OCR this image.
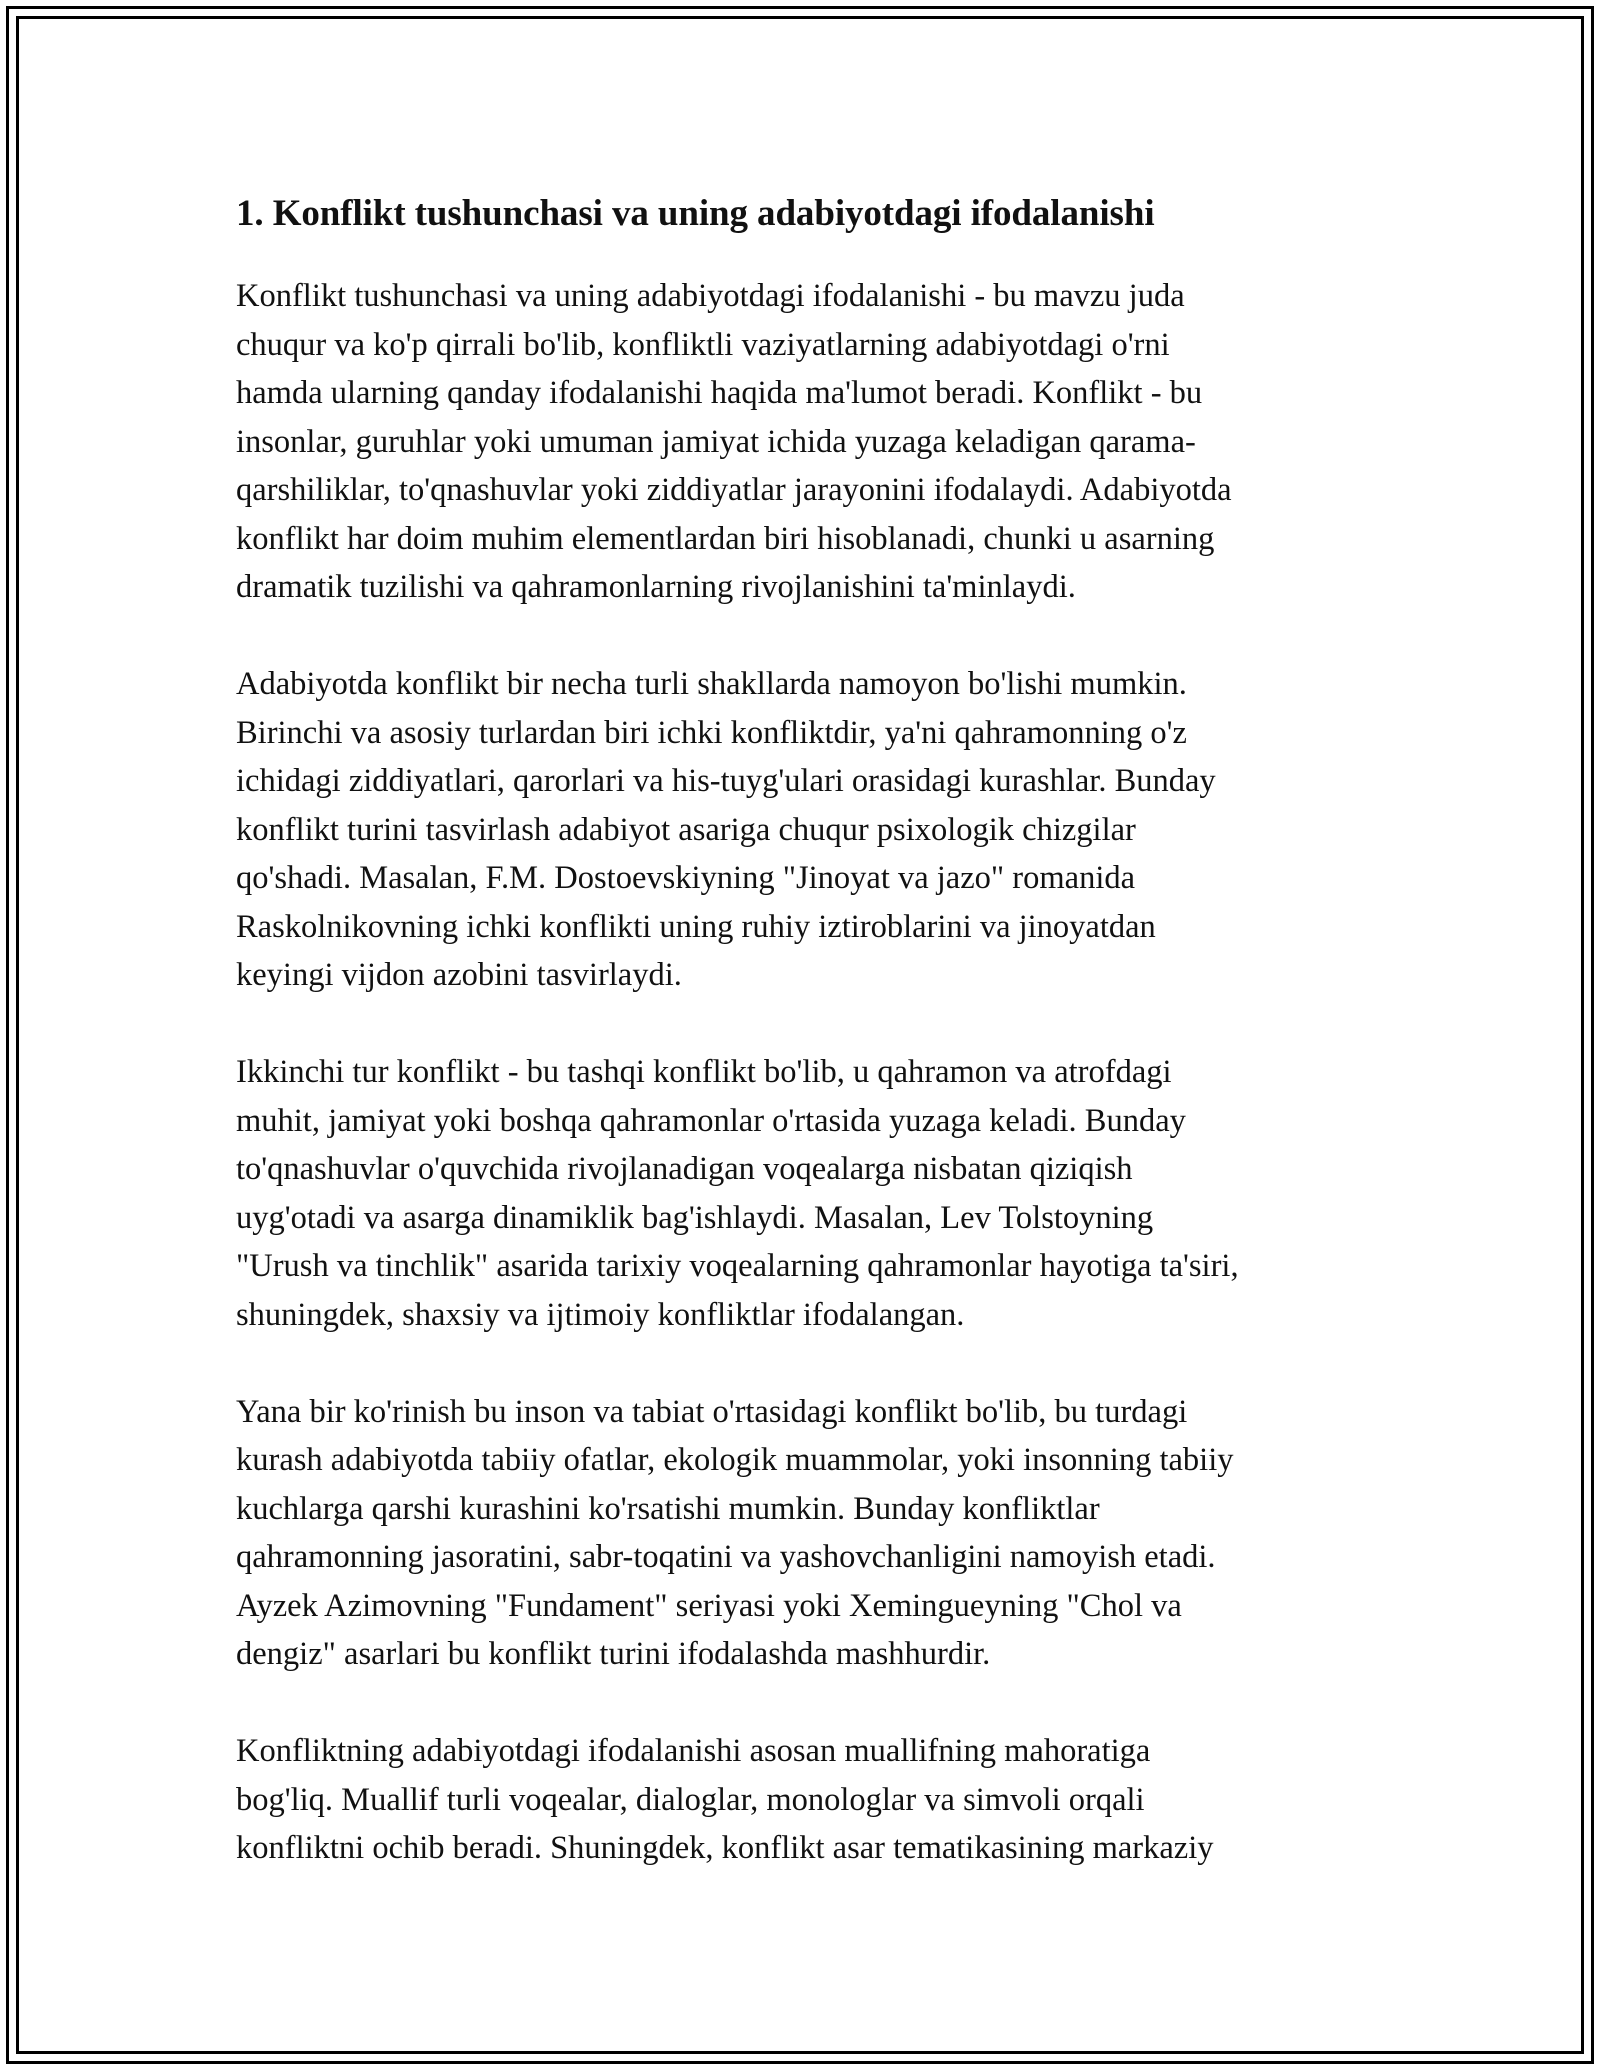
1. Konflikt tushunchasi va uning adabiyotdagi ifodalanishi

Konflikt tushunchasi va uning adabiyotdagi ifodalanishi - bu mavzu juda
chuqur va ko'p qirrali bo'lib, konfliktli vaziyatlarning adabiyotdagi o'rni
hamda ularning qanday ifodalanishi haqida ma'lumot beradi. Konflikt - bu
insonlar, guruhlar yoki umuman jamiyat ichida yuzaga keladigan qarama-
qarshiliklar, to'qnashuvlar yoki ziddiyatlar jarayonini ifodalaydi. Adabiyotda
konflikt har doim muhim elementlardan biri hisoblanadi, chunki u asarning
dramatik tuzilishi va qahramonlarning rivojlanishini ta'minlaydi.

Adabiyotda konflikt bir necha turli shakllarda namoyon bo'lishi mumkin.
Birinchi va asosiy turlardan biri ichki konfliktdir, ya'ni qahramonning o'z
ichidagi ziddiyatlari, qarorlari va his-tuyg'ulari orasidagi kurashlar. Bunday
konflikt turini tasvirlash adabiyot asariga chuqur psixologik chizgilar
qo'shadi. Masalan, F.M. Dostoevskiyning "Jinoyat va jazo" romanida
Raskolnikovning ichki konflikti uning ruhiy iztiroblarini va jinoyatdan
keyingi vijdon azobini tasvirlaydi.

Ikkinchi tur konflikt - bu tashqi konflikt bo'lib, u qahramon va atrofdagi
muhit, jamiyat yoki boshqa qahramonlar o'rtasida yuzaga keladi. Bunday
to'qnashuvlar o'quvchida rivojlanadigan voqealarga nisbatan qiziqish
uyg'otadi va asarga dinamiklik bag'ishlaydi. Masalan, Lev Tolstoyning
"Urush va tinchlik" asarida tarixiy voqealarning qahramonlar hayotiga ta'siri,
shuningdek, shaxsiy va ijtimoiy konfliktlar ifodalangan.

Yana bir ko'rinish bu inson va tabiat o'rtasidagi konflikt bo'lib, bu turdagi
kurash adabiyotda tabiiy ofatlar, ekologik muammolar, yoki insonning tabiiy
kuchlarga qarshi kurashini ko'rsatishi mumkin. Bunday konfliktlar
qahramonning jasoratini, sabr-toqatini va yashovchanligini namoyish etadi.
Ayzek Azimovning "Fundament" seriyasi yoki Xemingueyning "Chol va
dengiz" asarlari bu konflikt turini ifodalashda mashhurdir.

Konfliktning adabiyotdagi ifodalanishi asosan muallifning mahoratiga
bog'liq. Muallif turli voqealar, dialoglar, monologlar va simvoli orqali
konfliktni ochib beradi. Shuningdek, konflikt asar tematikasining markaziy
